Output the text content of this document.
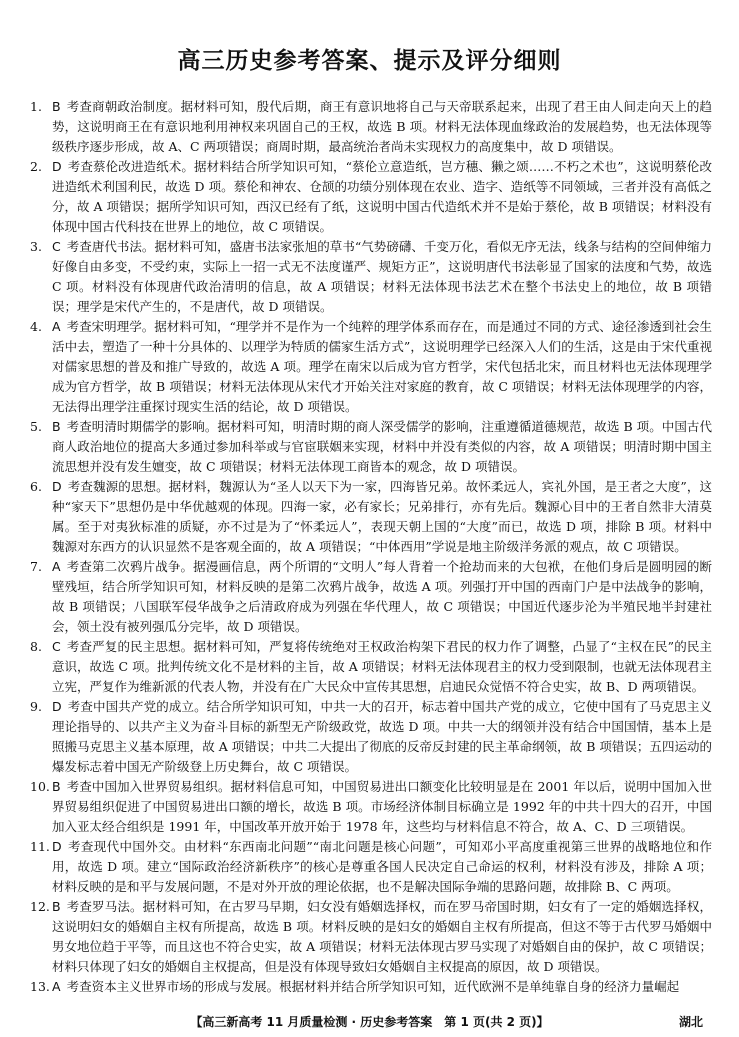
高三历史参考答案、提示及评分细则
1. B 考查商朝政治制度。据材料可知，殷代后期，商王有意识地将自己与天帝联系起来，出现了君王由人间走向天上的趋势，这说明商王在有意识地利用神权来巩固自己的王权，故选 B 项。材料无法体现血缘政治的发展趋势，也无法体现等级秩序逐步形成，故 A、C 两项错误；商周时期，最高统治者尚未实现权力的高度集中，故 D 项错误。
2. D 考查蔡伦改进造纸术。据材料结合所学知识可知，“蔡伦立意造纸，岂方穗、獭之颂……不朽之术也”，这说明蔡伦改进造纸术利国利民，故选 D 项。蔡伦和神农、仓颉的功绩分别体现在农业、造字、造纸等不同领域，三者并没有高低之分，故 A 项错误；据所学知识可知，西汉已经有了纸，这说明中国古代造纸术并不是始于蔡伦，故 B 项错误；材料没有体现中国古代科技在世界上的地位，故 C 项错误。
3. C 考查唐代书法。据材料可知，盛唐书法家张旭的草书“气势磅礴、千变万化，看似无序无法，线条与结构的空间伸缩力好像自由多变，不受约束，实际上一招一式无不法度谨严、规矩方正”，这说明唐代书法彰显了国家的法度和气势，故选 C 项。材料没有体现唐代政治清明的信息，故 A 项错误；材料无法体现书法艺术在整个书法史上的地位，故 B 项错误；理学是宋代产生的，不是唐代，故 D 项错误。
4. A 考查宋明理学。据材料可知，“理学并不是作为一个纯粹的理学体系而存在，而是通过不同的方式、途径渗透到社会生活中去，塑造了一种十分具体的、以理学为特质的儒家生活方式”，这说明理学已经深入人们的生活，这是由于宋代重视对儒家思想的普及和推广导致的，故选 A 项。理学在南宋以后成为官方哲学，宋代包括北宋，而且材料也无法体现理学成为官方哲学，故 B 项错误；材料无法体现从宋代才开始关注对家庭的教育，故 C 项错误；材料无法体现理学的内容，无法得出理学注重探讨现实生活的结论，故 D 项错误。
5. B 考查明清时期儒学的影响。据材料可知，明清时期的商人深受儒学的影响，注重遵循道德规范，故选 B 项。中国古代商人政治地位的提高大多通过参加科举或与官宦联姻来实现，材料中并没有类似的内容，故 A 项错误；明清时期中国主流思想并没有发生嬗变，故 C 项错误；材料无法体现工商皆本的观念，故 D 项错误。
6. D 考查魏源的思想。据材料，魏源认为“圣人以天下为一家，四海皆兄弟。故怀柔远人，宾礼外国，是王者之大度”，这种“家天下”思想仍是中华优越观的体现。四海一家，必有家长；兄弟排行，亦有先后。魏源心目中的王者自然非大清莫属。至于对夷狄标准的质疑，亦不过是为了“怀柔远人”，表现天朝上国的“大度”而已，故选 D 项，排除 B 项。材料中魏源对东西方的认识显然不是客观全面的，故 A 项错误；“中体西用”学说是地主阶级洋务派的观点，故 C 项错误。
7. A 考查第二次鸦片战争。据漫画信息，两个所谓的“文明人”每人背着一个抢劫而来的大包袱，在他们身后是圆明园的断壁残垣，结合所学知识可知，材料反映的是第二次鸦片战争，故选 A 项。列强打开中国的西南门户是中法战争的影响，故 B 项错误；八国联军侵华战争之后清政府成为列强在华代理人，故 C 项错误；中国近代逐步沦为半殖民地半封建社会，领土没有被列强瓜分完毕，故 D 项错误。
8. C 考查严复的民主思想。据材料可知，严复将传统绝对王权政治构架下君民的权力作了调整，凸显了“主权在民”的民主意识，故选 C 项。批判传统文化不是材料的主旨，故 A 项错误；材料无法体现君主的权力受到限制，也就无法体现君主立宪，严复作为维新派的代表人物，并没有在广大民众中宣传其思想，启迪民众觉悟不符合史实，故 B、D 两项错误。
9. D 考查中国共产党的成立。结合所学知识可知，中共一大的召开，标志着中国共产党的成立，它使中国有了马克思主义理论指导的、以共产主义为奋斗目标的新型无产阶级政党，故选 D 项。中共一大的纲领并没有结合中国国情，基本上是照搬马克思主义基本原理，故 A 项错误；中共二大提出了彻底的反帝反封建的民主革命纲领，故 B 项错误；五四运动的爆发标志着中国无产阶级登上历史舞台，故 C 项错误。
10. B 考查中国加入世界贸易组织。据材料信息可知，中国贸易进出口额变化比较明显是在 2001 年以后，说明中国加入世界贸易组织促进了中国贸易进出口额的增长，故选 B 项。市场经济体制目标确立是 1992 年的中共十四大的召开，中国加入亚太经合组织是 1991 年，中国改革开放开始于 1978 年，这些均与材料信息不符合，故 A、C、D 三项错误。
11. D 考查现代中国外交。由材料“东西南北问题”“南北问题是核心问题”，可知邓小平高度重视第三世界的战略地位和作用，故选 D 项。建立“国际政治经济新秩序”的核心是尊重各国人民决定自己命运的权利，材料没有涉及，排除 A 项；材料反映的是和平与发展问题，不是对外开放的理论依据，也不是解决国际争端的思路问题，故排除 B、C 两项。
12. B 考查罗马法。据材料可知，在古罗马早期，妇女没有婚姻选择权，而在罗马帝国时期，妇女有了一定的婚姻选择权，这说明妇女的婚姻自主权有所提高，故选 B 项。材料反映的是妇女的婚姻自主权有所提高，但这不等于古代罗马婚姻中男女地位趋于平等，而且这也不符合史实，故 A 项错误；材料无法体现古罗马实现了对婚姻自由的保护，故 C 项错误；材料只体现了妇女的婚姻自主权提高，但是没有体现导致妇女婚姻自主权提高的原因，故 D 项错误。
13. A 考查资本主义世界市场的形成与发展。根据材料并结合所学知识可知，近代欧洲不是单纯靠自身的经济力量崛起
【高三新高考 11 月质量检测 · 历史参考答案　第 1 页(共 2 页)】	湖北
